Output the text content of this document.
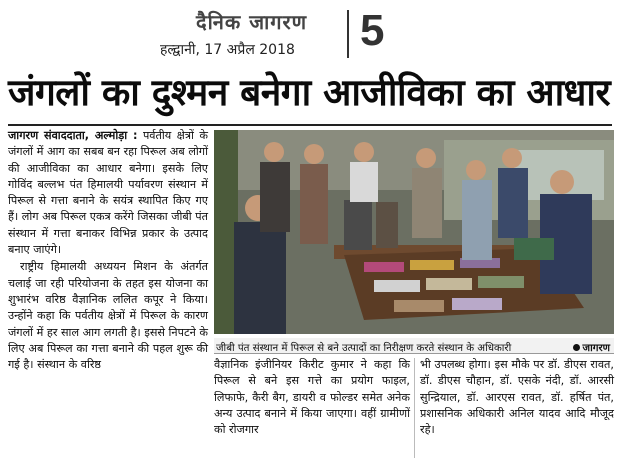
दैनिक जागरण
हल्द्वानी, 17 अप्रैल 2018 5
जंगलों का दुश्मन बनेगा आजीविका का आधार

जागरण संवाददाता, अल्मोड़ा : पर्वतीय क्षेत्रों के जंगलों में आग का सबब बन रहा पिरूल अब लोगों की आजीविका का आधार बनेगा। इसके लिए गोविंद बल्लभ पंत हिमालयी पर्यावरण संस्थान में पिरूल से गत्ता बनाने के सयंत्र स्थापित किए गए हैं। लोग अब पिरूल एकत्र करेंगे जिसका जीबी पंत संस्थान में गत्ता बनाकर विभिन्न प्रकार के उत्पाद बनाए जाएंगे।

राष्ट्रीय हिमालयी अध्ययन मिशन के अंतर्गत चलाई जा रही परियोजना के तहत इस योजना का शुभारंभ वरिष्ठ वैज्ञानिक ललित कपूर ने किया। उन्होंने कहा कि पर्वतीय क्षेत्रों में पिरूल के कारण जंगलों में हर साल आग लगती है। इससे निपटने के लिए अब पिरूल का गत्ता बनाने की पहल शुरू की गई है। संस्थान के वरिष्ठ

जीबी पंत संस्थान में पिरूल से बने उत्पादों का निरीक्षण करते संस्थान के अधिकारी	जागरण
वैज्ञानिक इंजीनियर किरीट कुमार ने कहा कि पिरूल से बने इस गत्ते का प्रयोग फाइल, लिफाफे, कैरी बैग, डायरी व फोल्डर समेत अनेक अन्य उत्पाद बनाने में किया जाएगा। वहीं ग्रामीणों को रोजगार
भी उपलब्ध होगा। इस मौके पर डॉ. डीएस रावत, डॉ. डीएस चौहान, डॉ. एसके नंदी, डॉ. आरसी सुन्द्रियाल, डॉ. आरएस रावत, डॉ. हर्षित पंत, प्रशासनिक अधिकारी अनिल यादव आदि मौजूद रहे।
